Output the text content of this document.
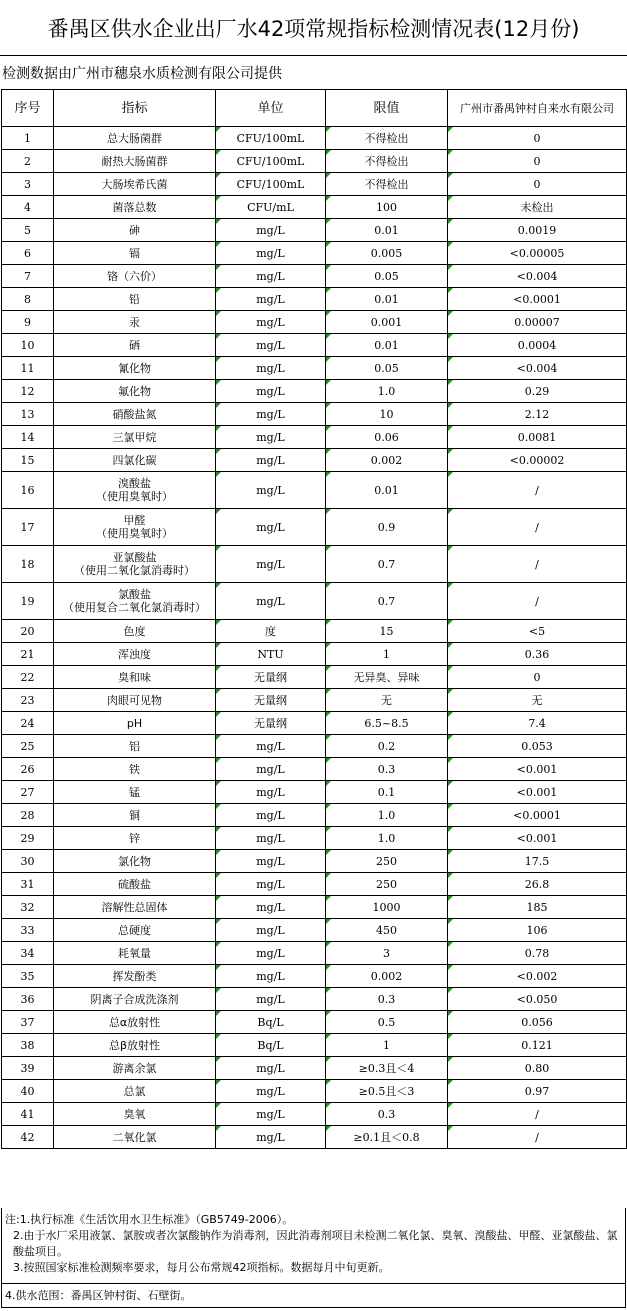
番禺区供水企业出厂水42项常规指标检测情况表(12月份)
检测数据由广州市穗泉水质检测有限公司提供
序号	指标	单位	限值	广州市番禺钟村自来水有限公司
1	总大肠菌群	CFU/100mL	不得检出	0
2	耐热大肠菌群	CFU/100mL	不得检出	0
3	大肠埃希氏菌	CFU/100mL	不得检出	0
4	菌落总数	CFU/mL	100	未检出
5	砷	mg/L	0.01	0.0019
6	镉	mg/L	0.005	<0.00005
7	铬（六价）	mg/L	0.05	<0.004
8	铅	mg/L	0.01	<0.0001
9	汞	mg/L	0.001	0.00007
10	硒	mg/L	0.01	0.0004
11	氰化物	mg/L	0.05	<0.004
12	氟化物	mg/L	1.0	0.29
13	硝酸盐氮	mg/L	10	2.12
14	三氯甲烷	mg/L	0.06	0.0081
15	四氯化碳	mg/L	0.002	<0.00002
16	溴酸盐
（使用臭氧时）	mg/L	0.01	/
17	甲醛
（使用臭氧时）	mg/L	0.9	/
18	亚氯酸盐
（使用二氧化氯消毒时）	mg/L	0.7	/
19	氯酸盐
（使用复合二氧化氯消毒时）	mg/L	0.7	/
20	色度	度	15	<5
21	浑浊度	NTU	1	0.36
22	臭和味	无量纲	无异臭、异味	0
23	肉眼可见物	无量纲	无	无
24	pH	无量纲	6.5~8.5	7.4
25	铝	mg/L	0.2	0.053
26	铁	mg/L	0.3	<0.001
27	锰	mg/L	0.1	<0.001
28	铜	mg/L	1.0	<0.0001
29	锌	mg/L	1.0	<0.001
30	氯化物	mg/L	250	17.5
31	硫酸盐	mg/L	250	26.8
32	溶解性总固体	mg/L	1000	185
33	总硬度	mg/L	450	106
34	耗氧量	mg/L	3	0.78
35	挥发酚类	mg/L	0.002	<0.002
36	阴离子合成洗涤剂	mg/L	0.3	<0.050
37	总α放射性	Bq/L	0.5	0.056
38	总β放射性	Bq/L	1	0.121
39	游离余氯	mg/L	≥0.3且＜4	0.80
40	总氯	mg/L	≥0.5且＜3	0.97
41	臭氧	mg/L	0.3	/
42	二氧化氯	mg/L	≥0.1且＜0.8	/
注:1.执行标准《生活饮用水卫生标准》（GB5749-2006）。
2.由于水厂采用液氯、氯胺或者次氯酸钠作为消毒剂，因此消毒剂项目未检测二氧化氯、臭氧、溴酸盐、甲醛、亚氯酸盐、氯酸盐项目。
3.按照国家标准检测频率要求，每月公布常规42项指标。数据每月中旬更新。
4.供水范围：番禺区钟村街、石壁街。
